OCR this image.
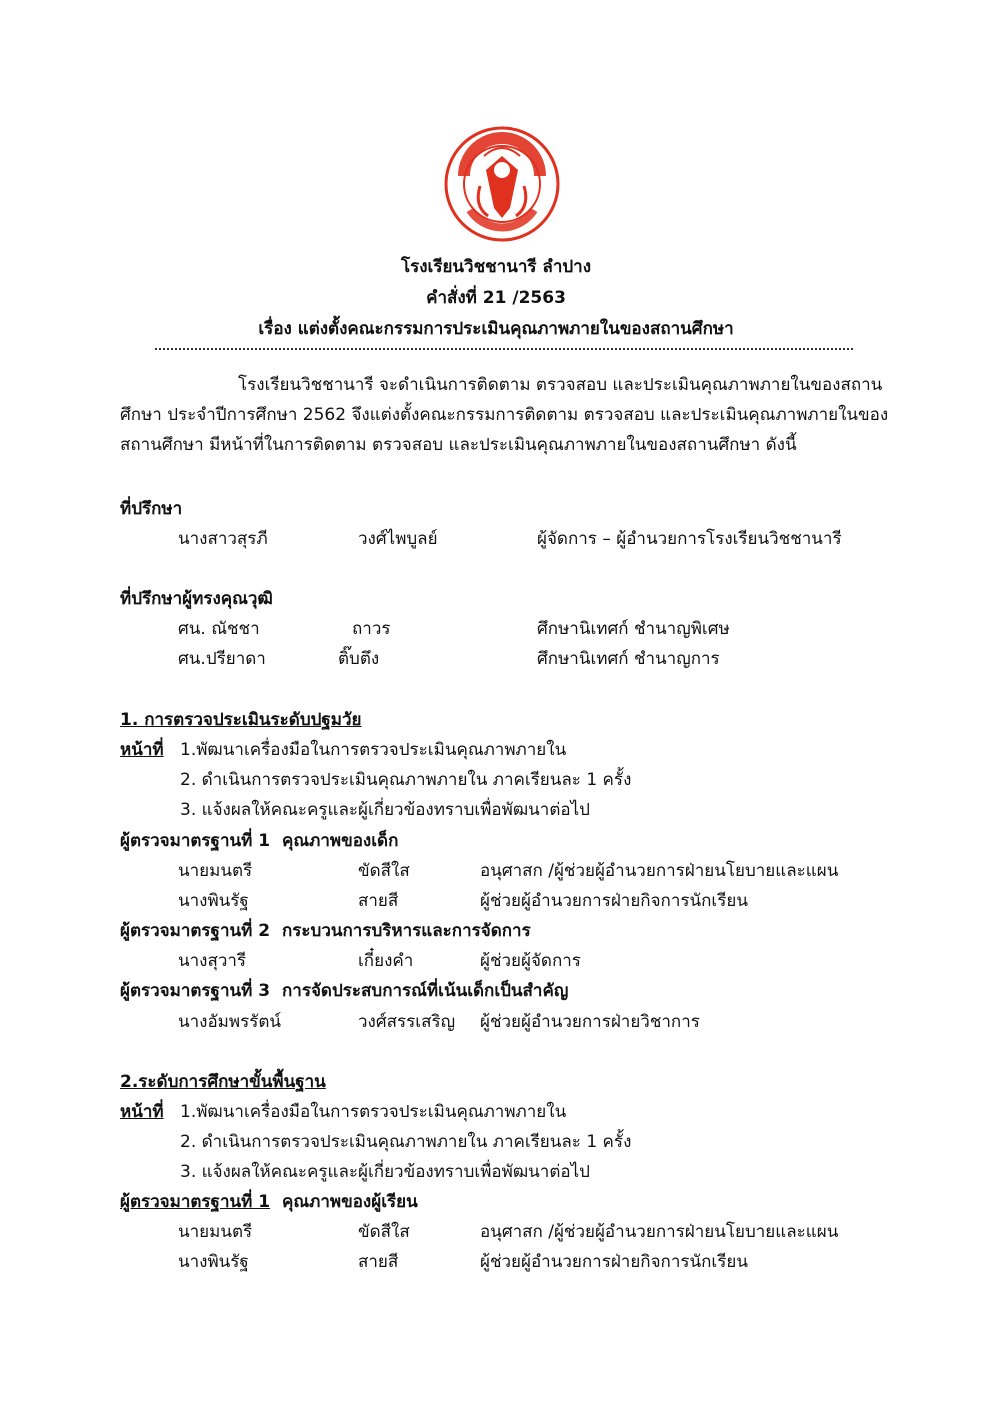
โรงเรียนวิชชานารี ลำปาง
คำสั่งที่ 21 /2563
เรื่อง แต่งตั้งคณะกรรมการประเมินคุณภาพภายในของสถานศึกษา
โรงเรียนวิชชานารี จะดำเนินการติดตาม ตรวจสอบ และประเมินคุณภาพภายในของสถานศึกษา ประจำปีการศึกษา 2562 จึงแต่งตั้งคณะกรรมการติดตาม ตรวจสอบ และประเมินคุณภาพภายในของสถานศึกษา มีหน้าที่ในการติดตาม ตรวจสอบ และประเมินคุณภาพภายในของสถานศึกษา ดังนี้
ที่ปรึกษา
นางสาวสุรภี	วงศ์ไพบูลย์	ผู้จัดการ – ผู้อำนวยการโรงเรียนวิชชานารี
ที่ปรึกษาผู้ทรงคุณวุฒิ
ศน. ณัชชา	ถาวร	ศึกษานิเทศก์ ชำนาญพิเศษ
ศน.ปรียาดา	ติ๊บตึง	ศึกษานิเทศก์ ชำนาญการ
1. การตรวจประเมินระดับปฐมวัย
หน้าที่ 1.พัฒนาเครื่องมือในการตรวจประเมินคุณภาพภายใน
2. ดำเนินการตรวจประเมินคุณภาพภายใน ภาคเรียนละ 1 ครั้ง
3. แจ้งผลให้คณะครูและผู้เกี่ยวข้องทราบเพื่อพัฒนาต่อไป
ผู้ตรวจมาตรฐานที่ 1 คุณภาพของเด็ก
นายมนตรี	ขัดสีใส	อนุศาสก /ผู้ช่วยผู้อำนวยการฝ่ายนโยบายและแผน
นางพินรัฐ	สายสี	ผู้ช่วยผู้อำนวยการฝ่ายกิจการนักเรียน
ผู้ตรวจมาตรฐานที่ 2 กระบวนการบริหารและการจัดการ
นางสุวารี	เกี๋ยงคำ	ผู้ช่วยผู้จัดการ
ผู้ตรวจมาตรฐานที่ 3 การจัดประสบการณ์ที่เน้นเด็กเป็นสำคัญ
นางอัมพรรัตน์	วงศ์สรรเสริญ ผู้ช่วยผู้อำนวยการฝ่ายวิชาการ
2.ระดับการศึกษาขั้นพื้นฐาน
หน้าที่ 1.พัฒนาเครื่องมือในการตรวจประเมินคุณภาพภายใน
2. ดำเนินการตรวจประเมินคุณภาพภายใน ภาคเรียนละ 1 ครั้ง
3. แจ้งผลให้คณะครูและผู้เกี่ยวข้องทราบเพื่อพัฒนาต่อไป
ผู้ตรวจมาตรฐานที่ 1 คุณภาพของผู้เรียน
นายมนตรี	ขัดสีใส	อนุศาสก /ผู้ช่วยผู้อำนวยการฝ่ายนโยบายและแผน
นางพินรัฐ	สายสี	ผู้ช่วยผู้อำนวยการฝ่ายกิจการนักเรียน
